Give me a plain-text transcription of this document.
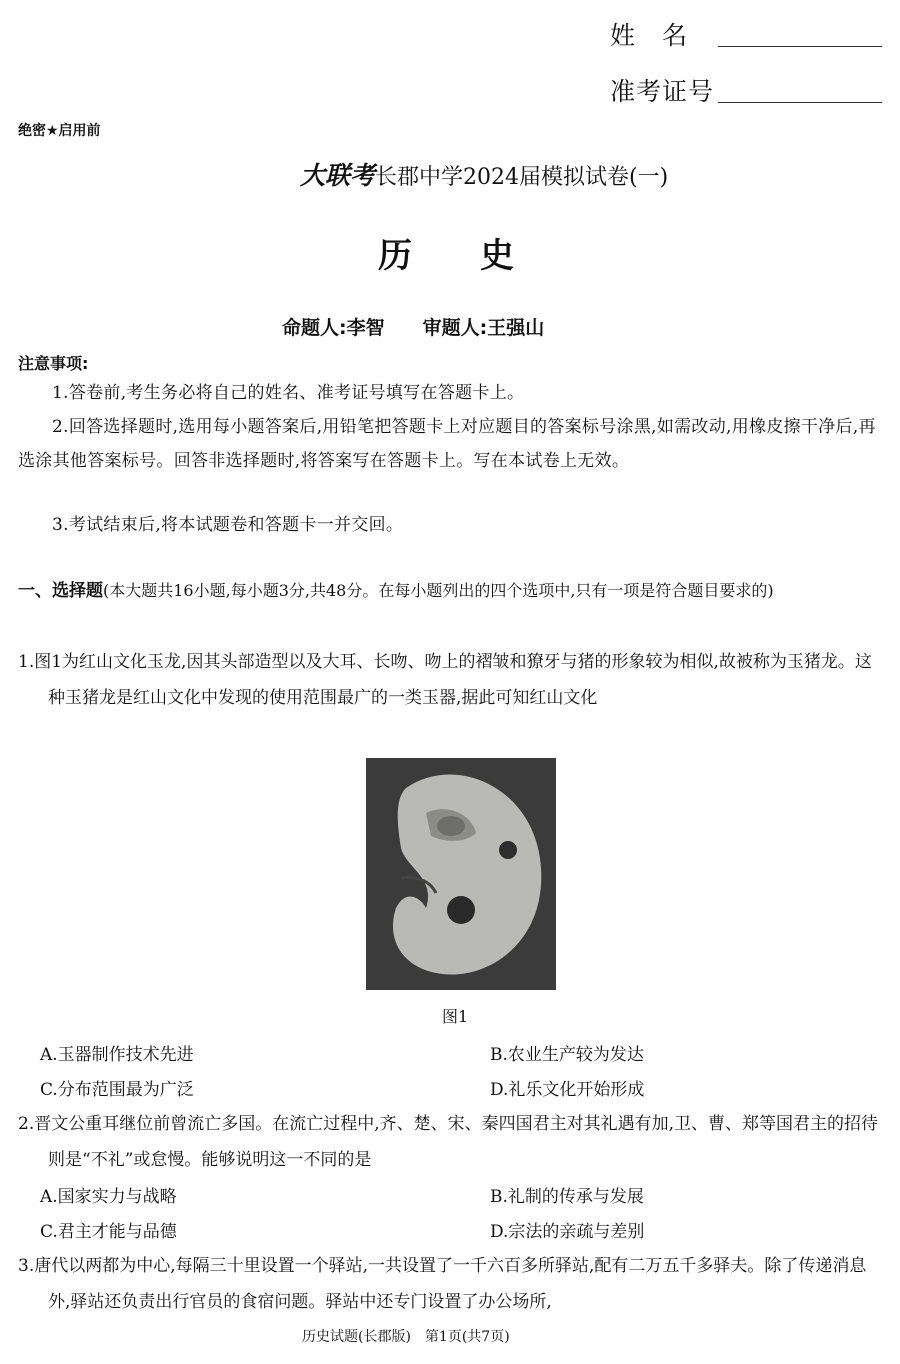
姓　名
准考证号
绝密★启用前
大联考长郡中学2024届模拟试卷(一)
历　　史
命题人:李智　　审题人:王强山
注意事项:
1.答卷前,考生务必将自己的姓名、准考证号填写在答题卡上。
2.回答选择题时,选用每小题答案后,用铅笔把答题卡上对应题目的答案标号涂黑,如需改动,用橡皮擦干净后,再选涂其他答案标号。回答非选择题时,将答案写在答题卡上。写在本试卷上无效。
3.考试结束后,将本试题卷和答题卡一并交回。
一、选择题(本大题共16小题,每小题3分,共48分。在每小题列出的四个选项中,只有一项是符合题目要求的)
1.图1为红山文化玉龙,因其头部造型以及大耳、长吻、吻上的褶皱和獠牙与猪的形象较为相似,故被称为玉猪龙。这种玉猪龙是红山文化中发现的使用范围最广的一类玉器,据此可知红山文化
图1
A.玉器制作技术先进	B.农业生产较为发达
C.分布范围最为广泛	D.礼乐文化开始形成
2.晋文公重耳继位前曾流亡多国。在流亡过程中,齐、楚、宋、秦四国君主对其礼遇有加,卫、曹、郑等国君主的招待则是“不礼”或怠慢。能够说明这一不同的是
A.国家实力与战略	B.礼制的传承与发展
C.君主才能与品德	D.宗法的亲疏与差别
3.唐代以两都为中心,每隔三十里设置一个驿站,一共设置了一千六百多所驿站,配有二万五千多驿夫。除了传递消息外,驿站还负责出行官员的食宿问题。驿站中还专门设置了办公场所,
历史试题(长郡版)　第1页(共7页)
